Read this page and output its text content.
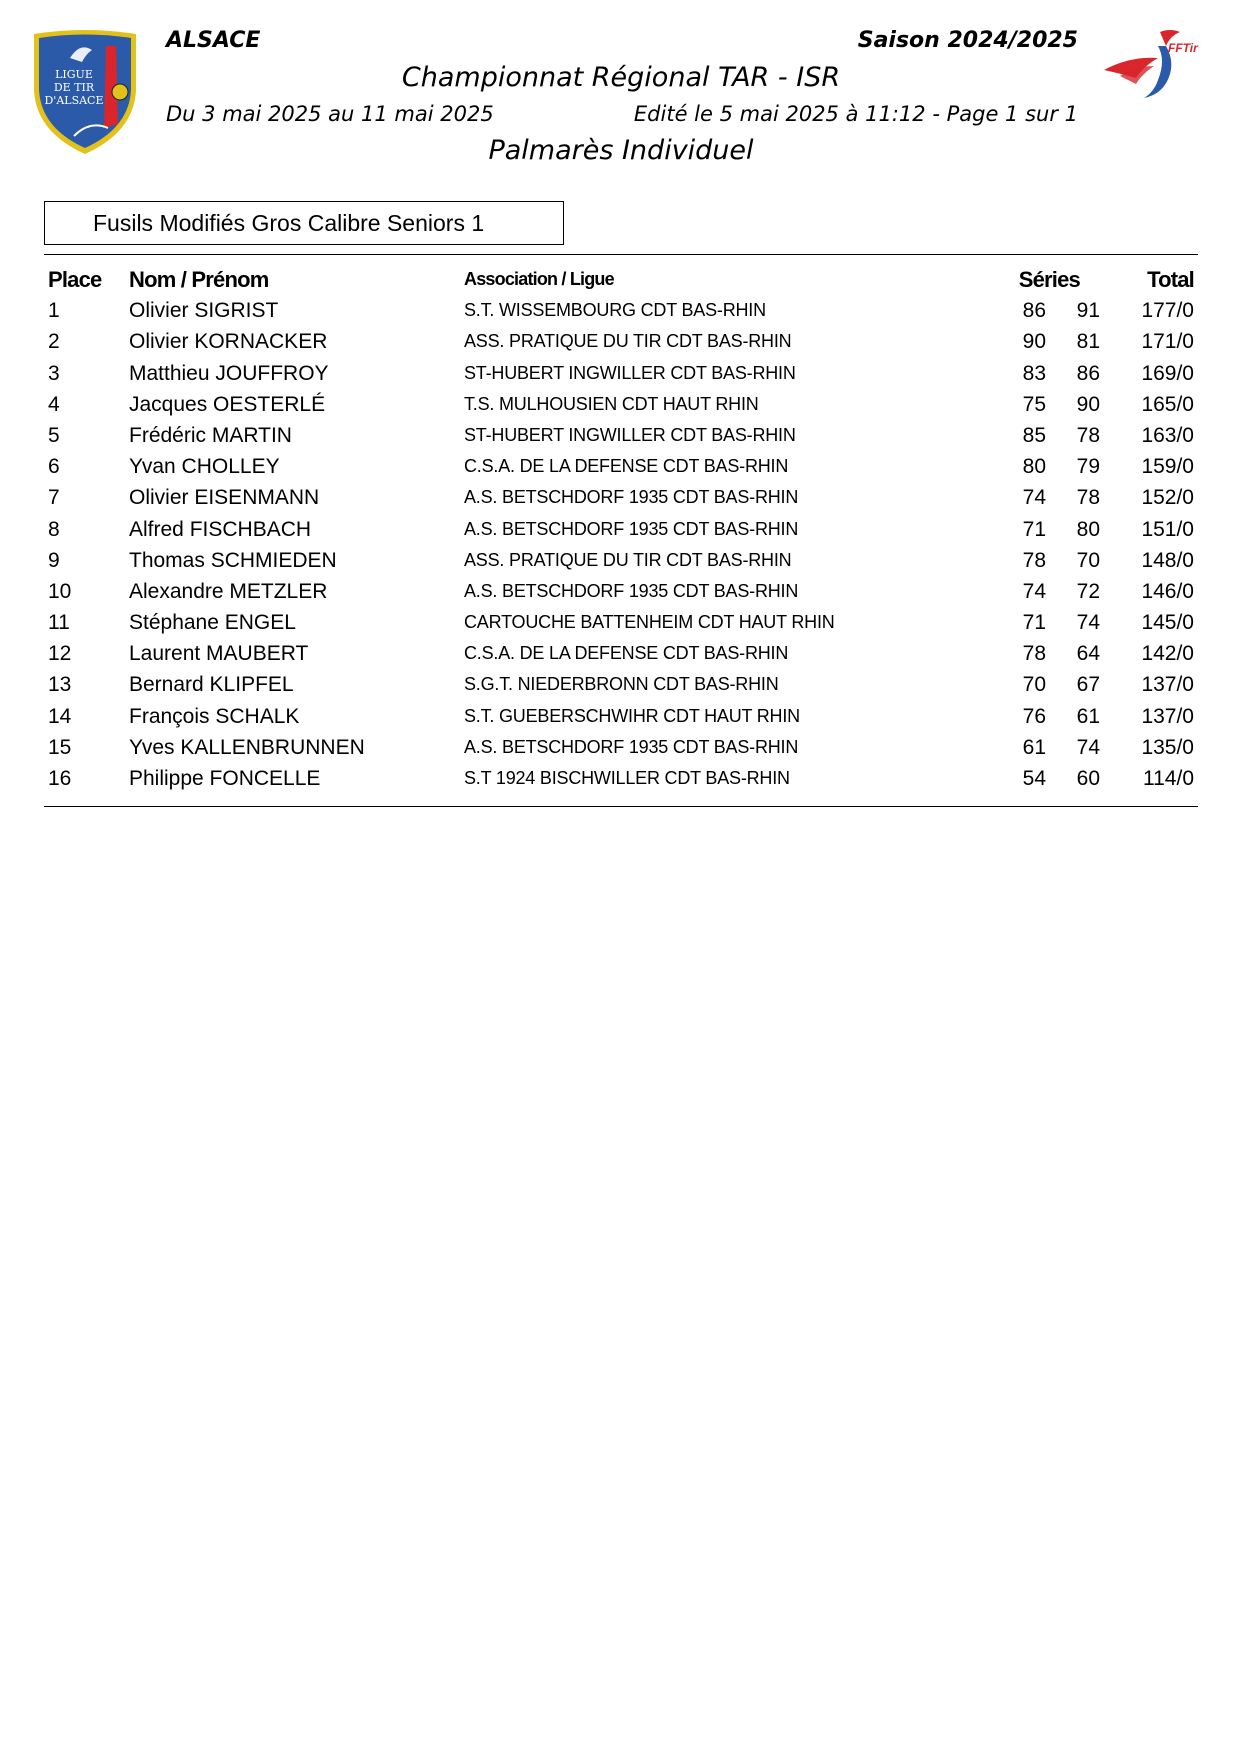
LIGUE
DE TIR
D'ALSACE
FFTir
ALSACE	Saison 2024/2025
Championnat Régional TAR - ISR
Du 3 mai 2025 au 11 mai 2025	Edité le 5 mai 2025 à 11:12 - Page 1 sur 1
Palmarès Individuel
Fusils Modifiés Gros Calibre Seniors 1
Place Nom / Prénom	Association / Ligue	Séries	Total
1	Olivier SIGRIST	S.T. WISSEMBOURG CDT BAS-RHIN	86 91 177/0
2	Olivier KORNACKER	ASS. PRATIQUE DU TIR CDT BAS-RHIN	90 81 171/0
3	Matthieu JOUFFROY	ST-HUBERT INGWILLER CDT BAS-RHIN	83 86 169/0
4	Jacques OESTERLÉ	T.S. MULHOUSIEN CDT HAUT RHIN	75 90 165/0
5	Frédéric MARTIN	ST-HUBERT INGWILLER CDT BAS-RHIN	85 78 163/0
6	Yvan CHOLLEY	C.S.A. DE LA DEFENSE CDT BAS-RHIN	80 79 159/0
7	Olivier EISENMANN	A.S. BETSCHDORF 1935 CDT BAS-RHIN	74 78 152/0
8	Alfred FISCHBACH	A.S. BETSCHDORF 1935 CDT BAS-RHIN	71 80 151/0
9	Thomas SCHMIEDEN	ASS. PRATIQUE DU TIR CDT BAS-RHIN	78 70 148/0
10	Alexandre METZLER	A.S. BETSCHDORF 1935 CDT BAS-RHIN	74 72 146/0
11	Stéphane ENGEL	CARTOUCHE BATTENHEIM CDT HAUT RHIN	71 74 145/0
12	Laurent MAUBERT	C.S.A. DE LA DEFENSE CDT BAS-RHIN	78 64 142/0
13	Bernard KLIPFEL	S.G.T. NIEDERBRONN CDT BAS-RHIN	70 67 137/0
14	François SCHALK	S.T. GUEBERSCHWIHR CDT HAUT RHIN	76 61 137/0
15	Yves KALLENBRUNNEN	A.S. BETSCHDORF 1935 CDT BAS-RHIN	61 74 135/0
16	Philippe FONCELLE	S.T 1924 BISCHWILLER CDT BAS-RHIN	54 60 114/0
